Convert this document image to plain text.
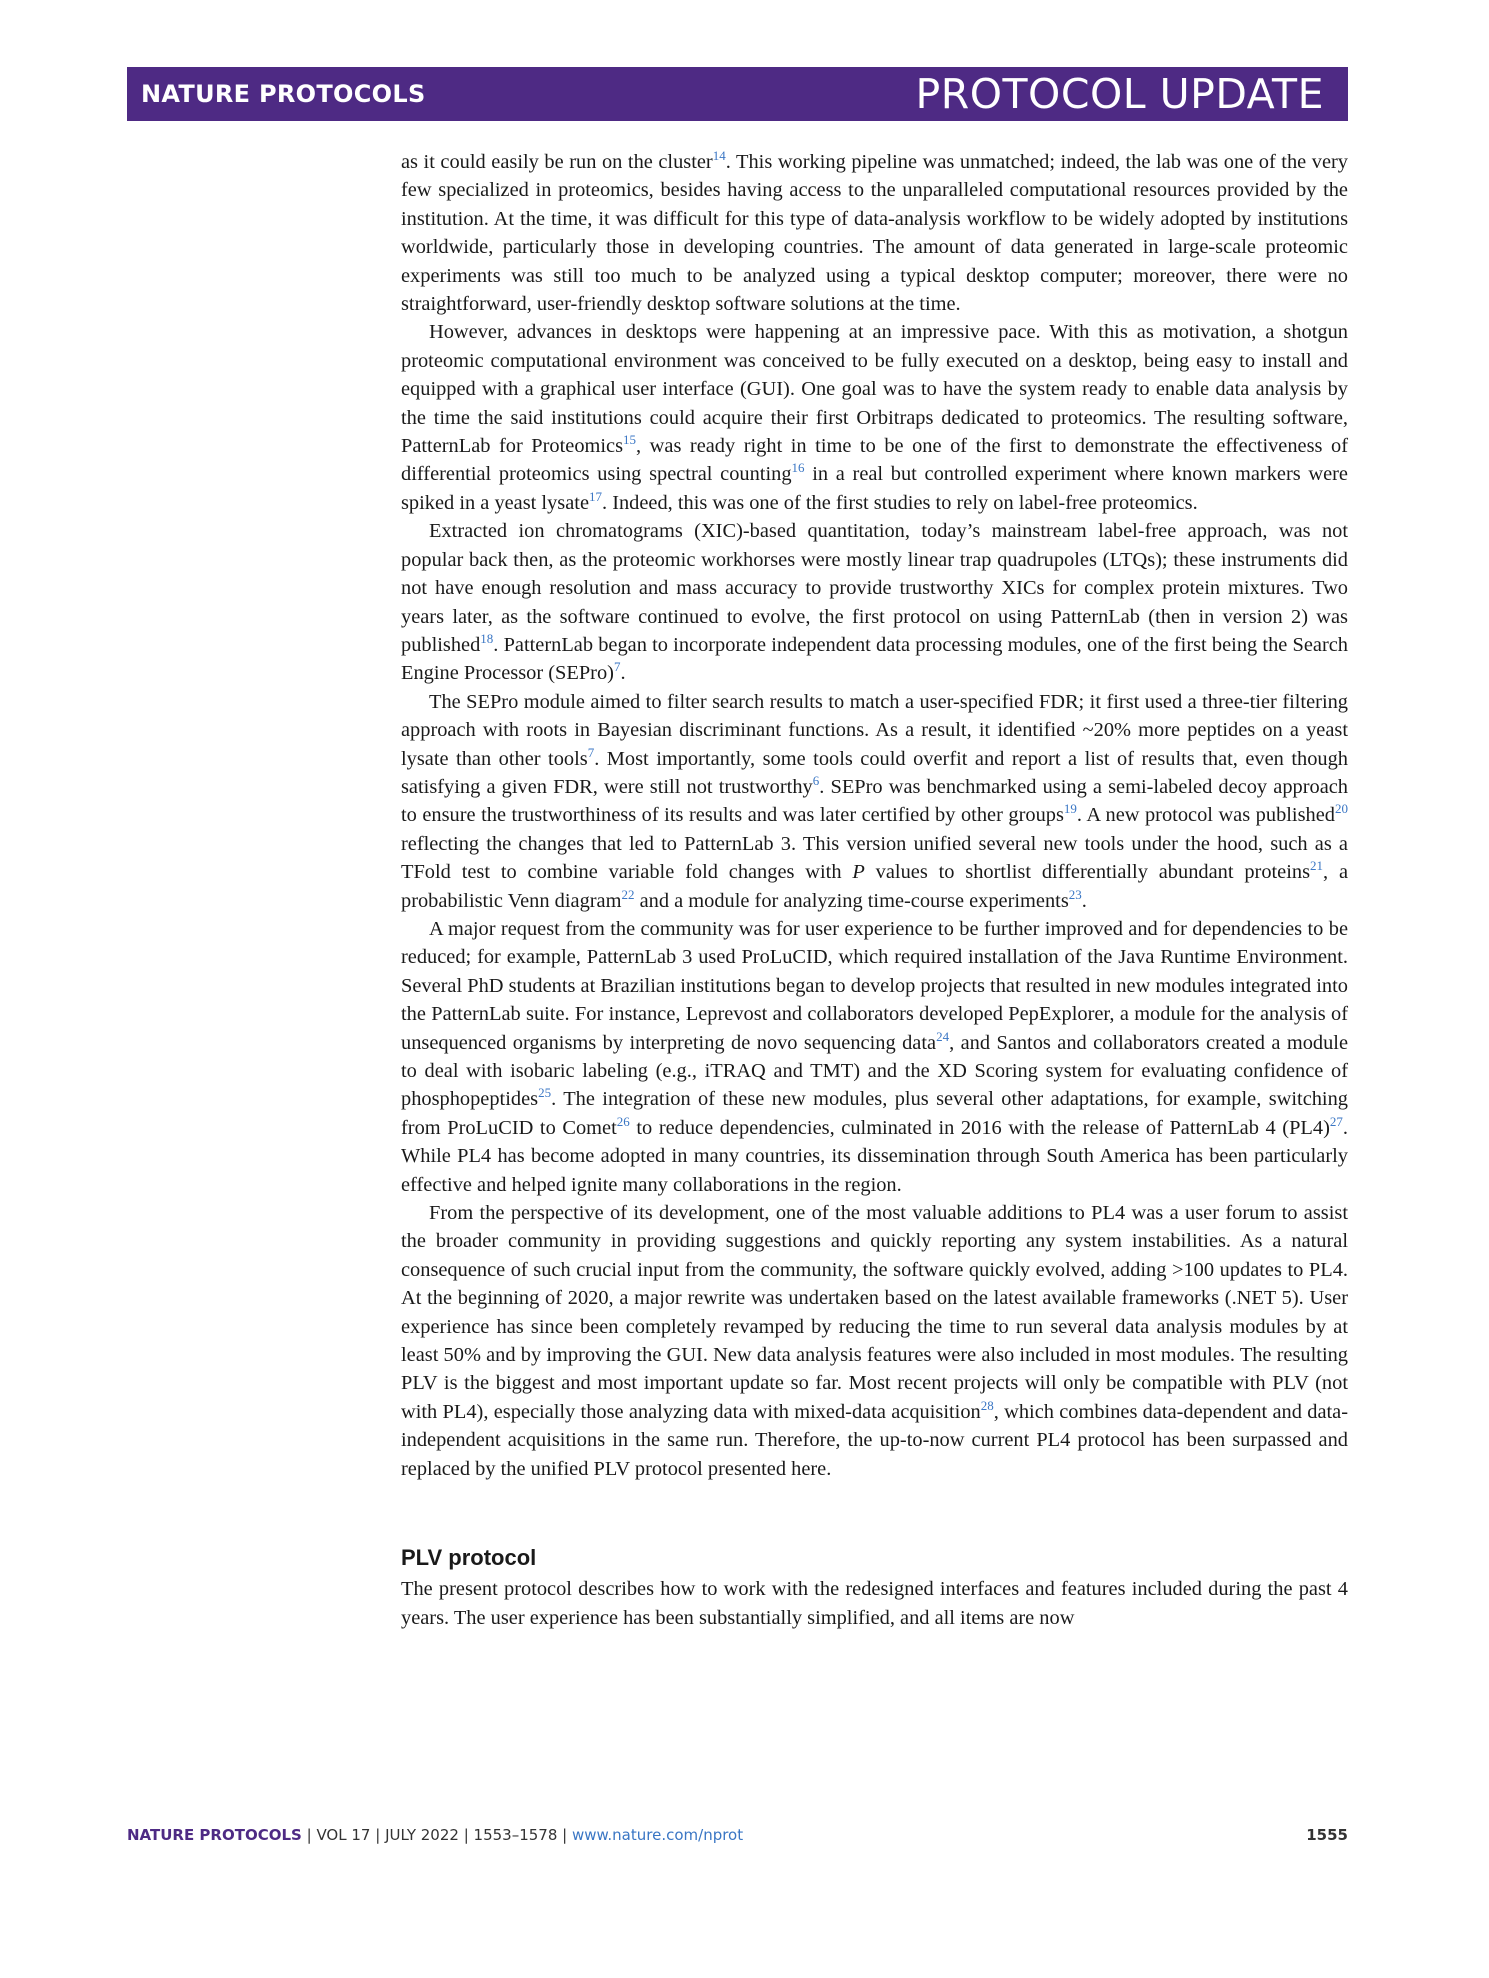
NATURE PROTOCOLS	PROTOCOL UPDATE

as it could easily be run on the cluster$^{14}$. This working pipeline was unmatched; indeed, the lab was one of the very few specialized in proteomics, besides having access to the unparalleled computational resources provided by the institution. At the time, it was difficult for this type of data-analysis workflow to be widely adopted by institutions worldwide, particularly those in developing countries. The amount of data generated in large-scale proteomic experiments was still too much to be analyzed using a typical desktop computer; moreover, there were no straightforward, user-friendly desktop software solutions at the time.

However, advances in desktops were happening at an impressive pace. With this as motivation, a shotgun proteomic computational environment was conceived to be fully executed on a desktop, being easy to install and equipped with a graphical user interface (GUI). One goal was to have the system ready to enable data analysis by the time the said institutions could acquire their first Orbitraps dedicated to proteomics. The resulting software, PatternLab for Proteomics$^{15}$, was ready right in time to be one of the first to demonstrate the effectiveness of differential proteomics using spectral counting$^{16}$ in a real but controlled experiment where known markers were spiked in a yeast lysate$^{17}$. Indeed, this was one of the first studies to rely on label-free proteomics.

Extracted ion chromatograms (XIC)-based quantitation, today’s mainstream label-free approach, was not popular back then, as the proteomic workhorses were mostly linear trap quadrupoles (LTQs); these instruments did not have enough resolution and mass accuracy to provide trustworthy XICs for complex protein mixtures. Two years later, as the software continued to evolve, the first protocol on using PatternLab (then in version 2) was published$^{18}$. PatternLab began to incorporate independent data processing modules, one of the first being the Search Engine Processor (SEPro)$^7$.

The SEPro module aimed to filter search results to match a user-specified FDR; it first used a three-tier filtering approach with roots in Bayesian discriminant functions. As a result, it identified ~20% more peptides on a yeast lysate than other tools$^7$. Most importantly, some tools could overfit and report a list of results that, even though satisfying a given FDR, were still not trustworthy$^6$. SEPro was benchmarked using a semi-labeled decoy approach to ensure the trustworthiness of its results and was later certified by other groups$^{19}$. A new protocol was published$^{20}$ reflecting the changes that led to PatternLab 3. This version unified several new tools under the hood, such as a TFold test to combine variable fold changes with P values to shortlist differentially abundant proteins$^{21}$, a probabilistic Venn diagram$^{22}$ and a module for analyzing time-course experiments$^{23}$.

A major request from the community was for user experience to be further improved and for dependencies to be reduced; for example, PatternLab 3 used ProLuCID, which required installation of the Java Runtime Environment. Several PhD students at Brazilian institutions began to develop projects that resulted in new modules integrated into the PatternLab suite. For instance, Leprevost and collaborators developed PepExplorer, a module for the analysis of unsequenced organisms by interpreting de novo sequencing data$^{24}$, and Santos and collaborators created a module to deal with isobaric labeling (e.g., iTRAQ and TMT) and the XD Scoring system for evaluating confidence of phosphopeptides$^{25}$. The integration of these new modules, plus several other adaptations, for example, switching from ProLuCID to Comet$^{26}$ to reduce dependencies, culminated in 2016 with the release of PatternLab 4 $(PL4)^{27}$. While PL4 has become adopted in many countries, its dissemination through South America has been particularly effective and helped ignite many collaborations in the region.

From the perspective of its development, one of the most valuable additions to PL4 was a user forum to assist the broader community in providing suggestions and quickly reporting any system instabilities. As a natural consequence of such crucial input from the community, the software quickly evolved, adding >100 updates to PL4. At the beginning of 2020, a major rewrite was undertaken based on the latest available frameworks (.NET 5). User experience has since been completely revamped by reducing the time to run several data analysis modules by at least 50% and by improving the GUI. New data analysis features were also included in most modules. The resulting PLV is the biggest and most important update so far. Most recent projects will only be compatible with PLV (not with PL4), especially those analyzing data with mixed-data acquisition$^{28}$, which combines data-dependent and data-independent acquisitions in the same run. Therefore, the up-to-now current PL4 protocol has been surpassed and replaced by the unified PLV protocol presented here.

PLV protocol

The present protocol describes how to work with the redesigned interfaces and features included during the past 4 years. The user experience has been substantially simplified, and all items are now

NATURE PROTOCOLS | VOL 17 | JULY 2022 | 1553–1578 | www.nature.com/nprot	1555
